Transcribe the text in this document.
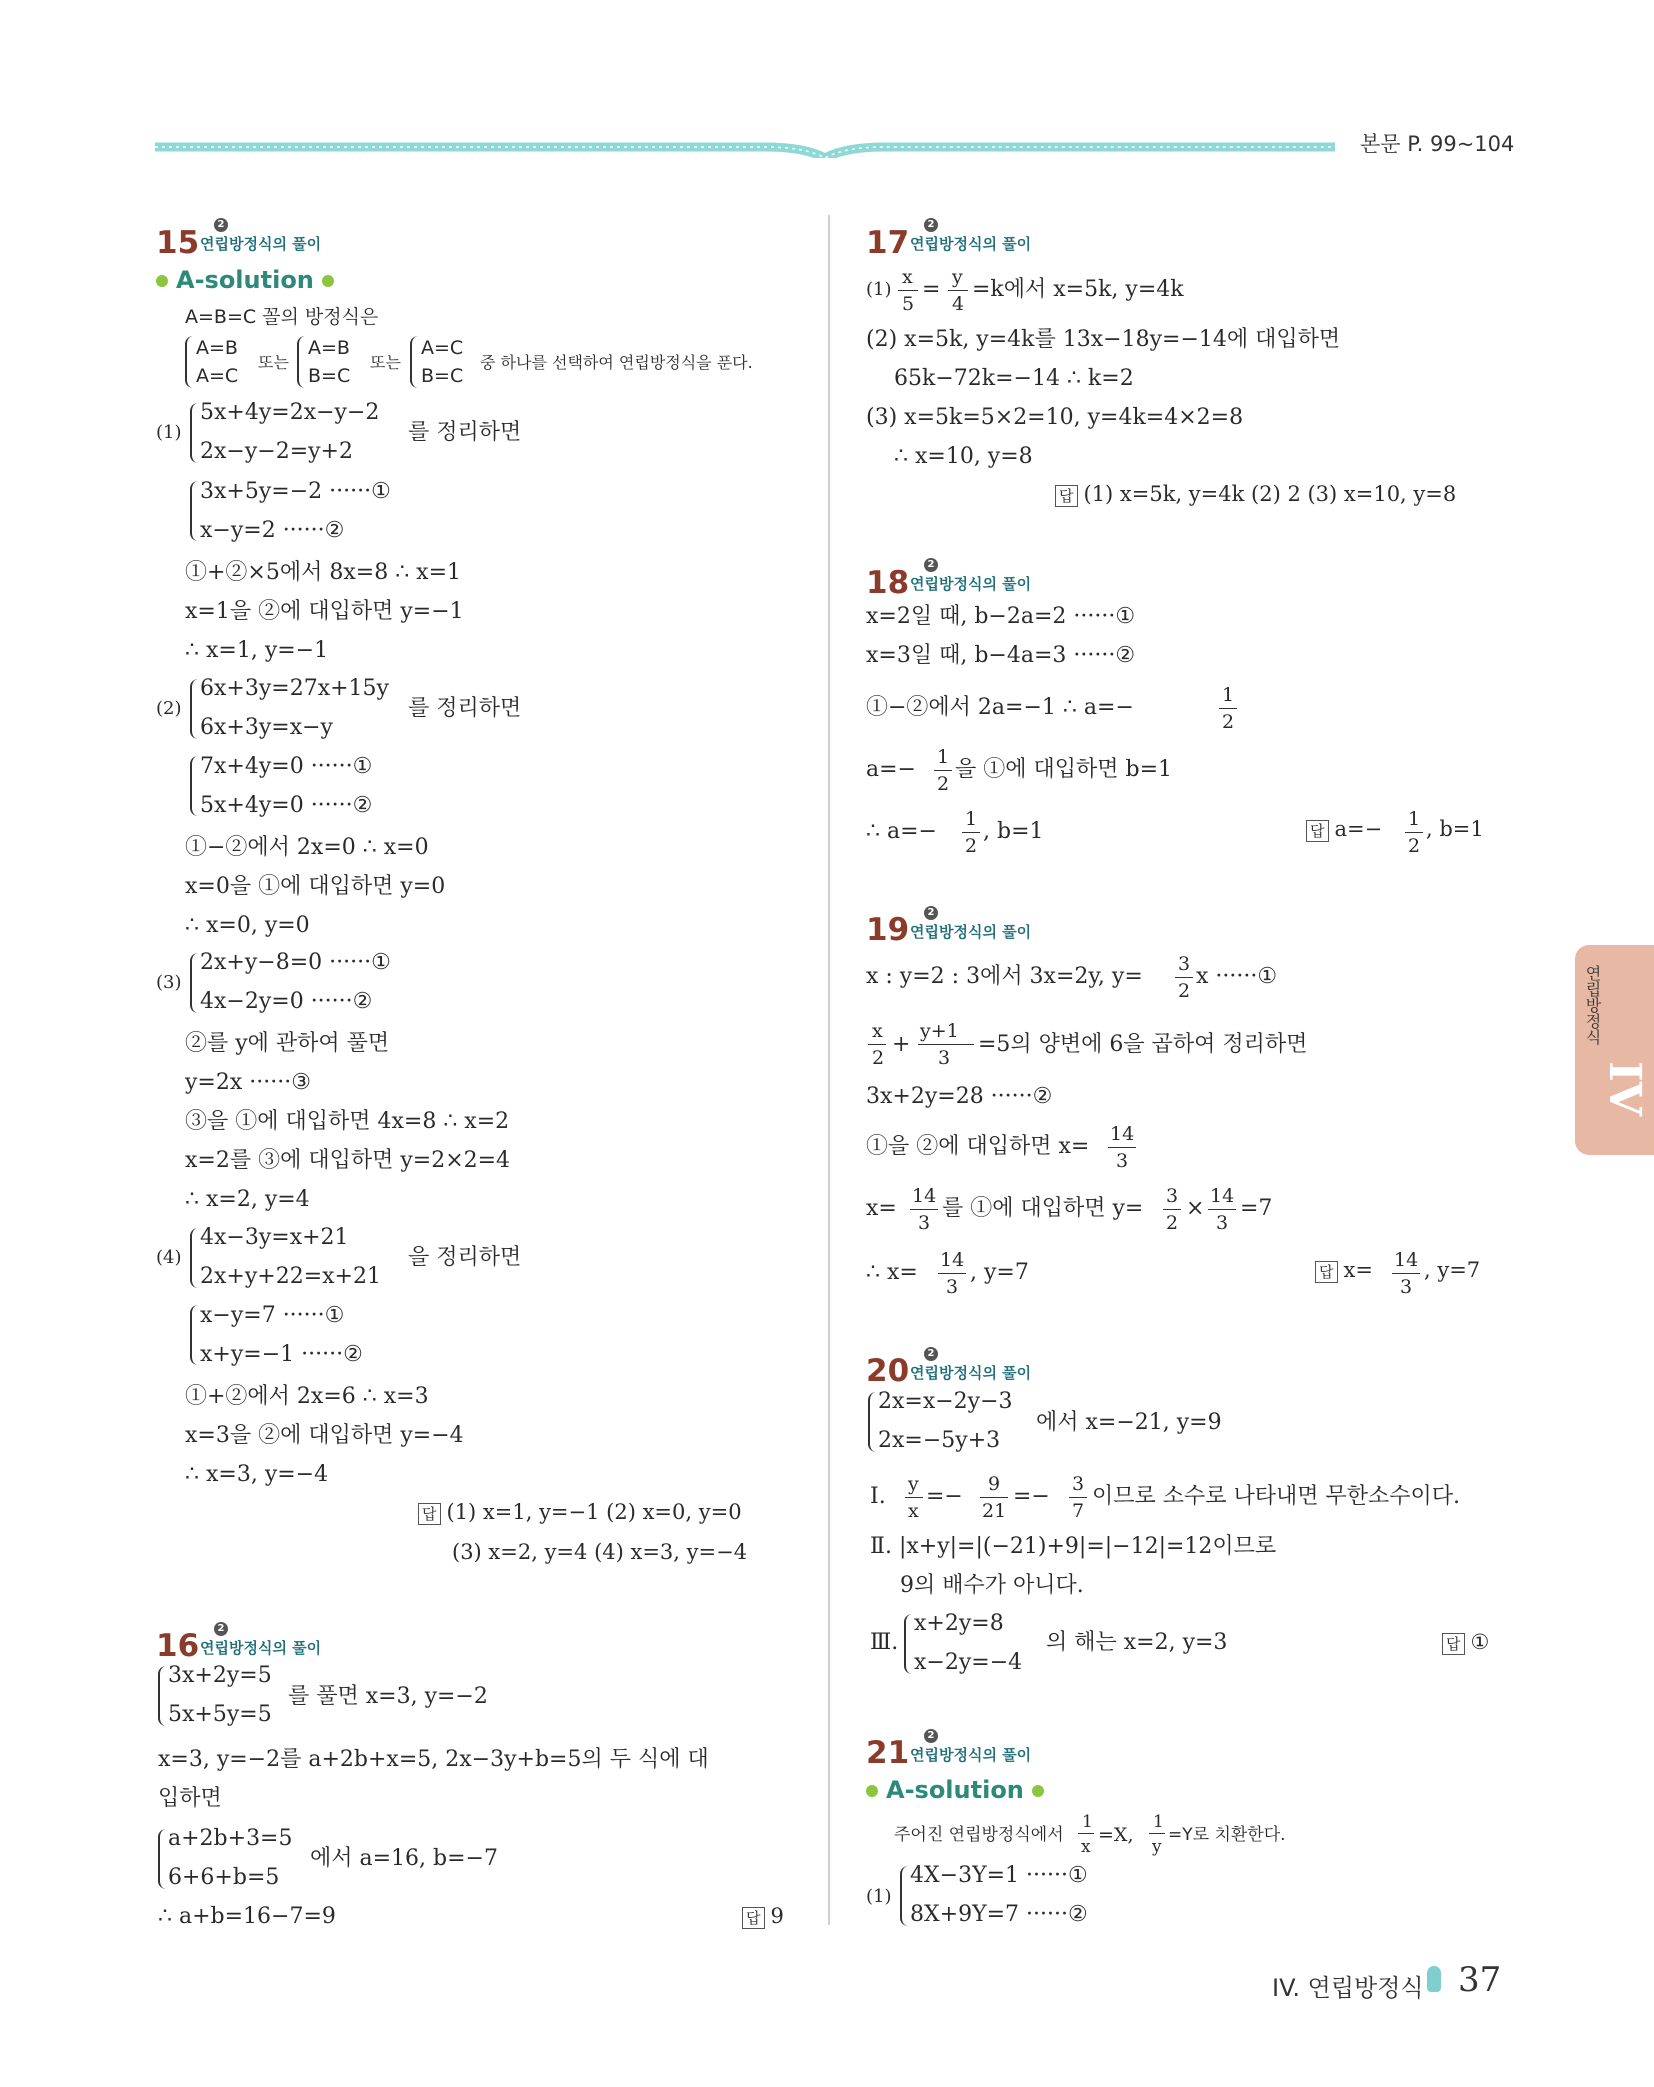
본문 P. 99~104
15
2
연립방정식의 풀이
A-solution
A=B=C 꼴의 방정식은
A=B
A=C
또는
A=B
B=C
또는
A=C
B=C
중 하나를 선택하여 연립방정식을 푼다.
(1)
5x+4y=2x−y−2
2x−y−2=y+2
를 정리하면
3x+5y=−2 ······①
x−y=2 ······②
①+②×5에서 8x=8 ∴ x=1
x=1을 ②에 대입하면 y=−1
∴ x=1, y=−1
(2)
6x+3y=27x+15y
6x+3y=x−y
를 정리하면
7x+4y=0 ······①
5x+4y=0 ······②
①−②에서 2x=0 ∴ x=0
x=0을 ①에 대입하면 y=0
∴ x=0, y=0
(3)
2x+y−8=0 ······①
4x−2y=0 ······②
②를 y에 관하여 풀면
y=2x ······③
③을 ①에 대입하면 4x=8 ∴ x=2
x=2를 ③에 대입하면 y=2×2=4
∴ x=2, y=4
(4)
4x−3y=x+21
2x+y+22=x+21
을 정리하면
x−y=7 ······①
x+y=−1 ······②
①+②에서 2x=6 ∴ x=3
x=3을 ②에 대입하면 y=−4
∴ x=3, y=−4
답 (1) x=1, y=−1 (2) x=0, y=0
(3) x=2, y=4 (4) x=3, y=−4
16	2
연립방정식의 풀이
3x+2y=5
5x+5y=5
를 풀면 x=3, y=−2
x=3, y=−2를 a+2b+x=5, 2x−3y+b=5의 두 식에 대
입하면
a+2b+3=5
6+6+b=5
에서 a=16, b=−7
∴ a+b=16−7=9	답 9
17
2
연립방정식의 풀이
(1)
x
5
= y
4
=k에서 x=5k, y=4k
(2) x=5k, y=4k를 13x−18y=−14에 대입하면
65k−72k=−14 ∴ k=2
(3) x=5k=5×2=10, y=4k=4×2=8
∴ x=10, y=8
답 (1) x=5k, y=4k (2) 2 (3) x=10, y=8
18
2
연립방정식의 풀이
x=2일 때, b−2a=2 ······①
x=3일 때, b−4a=3 ······②
①−②에서 2a=−1 ∴ a=−	1
2
a=− 1
2
을 ①에 대입하면 b=1
∴ a=− 1
2
, b=1	답 a=− 1
2
, b=1
19	2
연립방정식의 풀이
x : y=2 : 3에서 3x=2y, y= 3
2
x ······①
x
2
+
y+1
3
=5의 양변에 6을 곱하여 정리하면
3x+2y=28 ······②
①을 ②에 대입하면 x= 14
3
x= 14
3
를 ①에 대입하면 y= 3
2
× 14
3
=7
∴ x= 14
3
, y=7	답 x= 14
3
, y=7
20	2
연립방정식의 풀이
2x=x−2y−3
2x=−5y+3
에서 x=−21, y=9
Ⅰ. y
x
=− 9
21
=− 3
7
이므로 소수로 나타내면 무한소수이다.
Ⅱ. |x+y|=|(−21)+9|=|−12|=12이므로
9의 배수가 아니다.
Ⅲ.
x+2y=8
x−2y=−4
의 해는 x=2, y=3	답 ①
21	2
연립방정식의 풀이
A-solution
주어진 연립방정식에서
1
x
=X,
1
y
=Y로 치환한다.
(1)
4X−3Y=1 ······①
8X+9Y=7 ······②
연립방정식
IV
IV. 연립방정식 37
